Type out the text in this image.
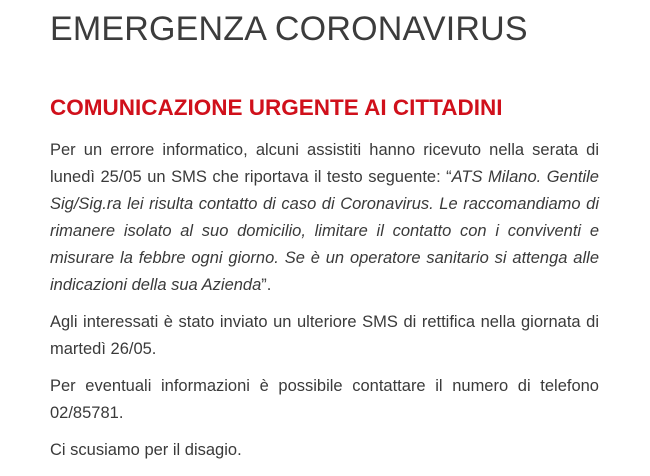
EMERGENZA CORONAVIRUS
COMUNICAZIONE URGENTE AI CITTADINI

Per un errore informatico, alcuni assistiti hanno ricevuto nella serata di lunedì 25/05 un SMS che riportava il testo seguente: “ATS Milano. Gentile Sig/Sig.ra lei risulta contatto di caso di Coronavirus. Le raccomandiamo di rimanere isolato al suo domicilio, limitare il contatto con i conviventi e misurare la febbre ogni giorno. Se è un operatore sanitario si attenga alle indicazioni della sua Azienda”.

Agli interessati è stato inviato un ulteriore SMS di rettifica nella giornata di martedì 26/05.

Per eventuali informazioni è possibile contattare il numero di telefono 02/85781.

Ci scusiamo per il disagio.
